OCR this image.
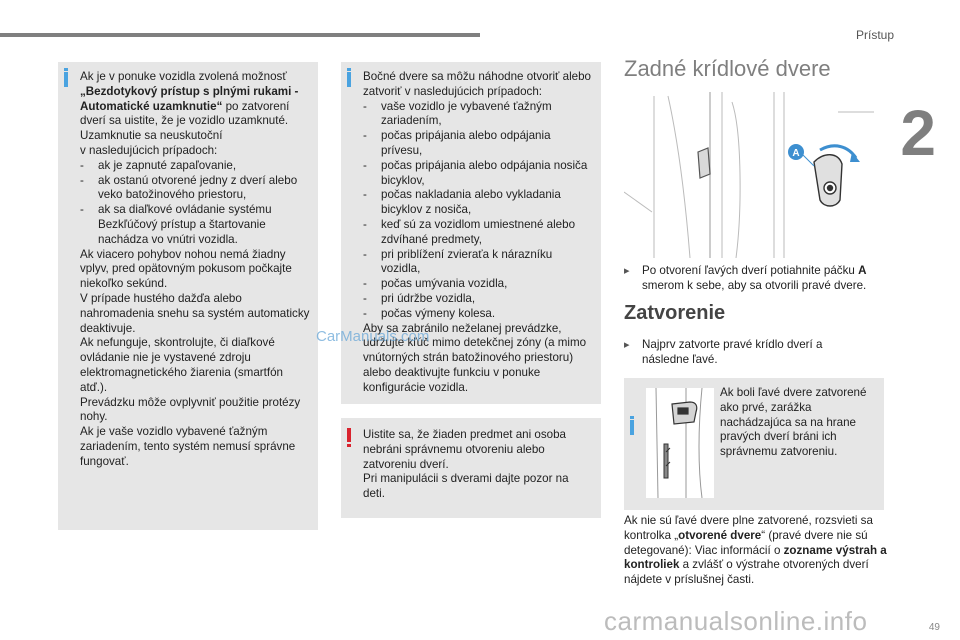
Prístup
2

Ak je v ponuke vozidla zvolená možnosť „Bezdotykový prístup s plnými rukami - Automatické uzamknutie“ po zatvorení dverí sa uistite, že je vozidlo uzamknuté.

Uzamknutie sa neuskutoční

v nasledujúcich prípadoch:

- ak je zapnuté zapaľovanie,

- ak ostanú otvorené jedny z dverí alebo veko batožinového priestoru,

- ak sa diaľkové ovládanie systému Bezkľúčový prístup a štartovanie nachádza vo vnútri vozidla.

Ak viacero pohybov nohou nemá žiadny vplyv, pred opätovným pokusom počkajte niekoľko sekúnd.

V prípade hustého dažďa alebo nahromadenia snehu sa systém automaticky deaktivuje.

Ak nefunguje, skontrolujte, či diaľkové ovládanie nie je vystavené zdroju elektromagnetického žiarenia (smartfón atď.).

Prevádzku môže ovplyvniť použitie protézy nohy.

Ak je vaše vozidlo vybavené ťažným zariadením, tento systém nemusí správne fungovať.

Bočné dvere sa môžu náhodne otvoriť alebo zatvoriť v nasledujúcich prípadoch:

- vaše vozidlo je vybavené ťažným zariadením,

- počas pripájania alebo odpájania prívesu,

- počas pripájania alebo odpájania nosiča bicyklov,

- počas nakladania alebo vykladania bicyklov z nosiča,

- keď sú za vozidlom umiestnené alebo zdvíhané predmety,

- pri priblížení zvieraťa k nárazníku vozidla,

- počas umývania vozidla,

- pri údržbe vozidla,

- počas výmeny kolesa.

Aby sa zabránilo neželanej prevádzke, udržujte kľúč mimo detekčnej zóny (a mimo vnútorných strán batožinového priestoru) alebo deaktivujte funkciu v ponuke konfigurácie vozidla.

Uistite sa, že žiaden predmet ani osoba nebráni správnemu otvoreniu alebo zatvoreniu dverí.

Pri manipulácii s dverami dajte pozor na deti.

CarManuals.com
Zadné krídlové dvere
A
▸	Po otvorení ľavých dverí potiahnite páčku A smerom k sebe, aby sa otvorili pravé dvere.
Zatvorenie
▸	Najprv zatvorte pravé krídlo dverí a následne ľavé.
Ak boli ľavé dvere zatvorené ako prvé, zarážka nachádzajúca sa na hrane pravých dverí bráni ich správnemu zatvoreniu.
Ak nie sú ľavé dvere plne zatvorené, rozsvieti sa kontrolka „otvorené dvere“ (pravé dvere nie sú detegované): Viac informácií o zozname výstrah a kontroliek a zvlášť o výstrahe otvorených dverí nájdete v príslušnej časti.
carmanualsonline.info	49
